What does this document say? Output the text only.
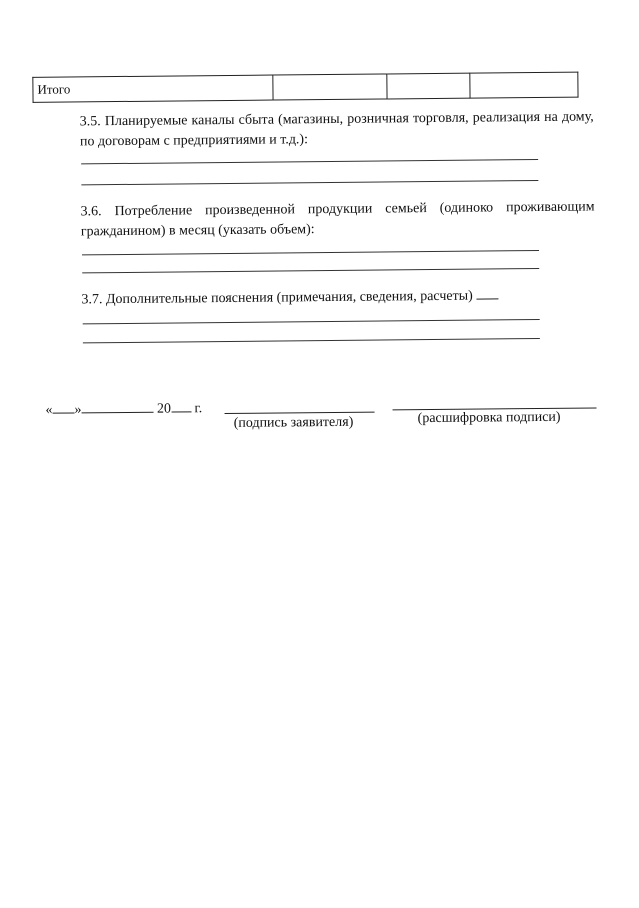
Итого			
3.5. Планируемые каналы сбыта (магазины, розничная торговля, реализация на дому, по договорам с предприятиями и т.д.):
3.6. Потребление произведенной продукции семьей (одиноко проживающим гражданином) в месяц (указать объем):
3.7. Дополнительные пояснения (примечания, сведения, расчеты)
« »	20 г.
(подпись заявителя)	(расшифровка подписи)
